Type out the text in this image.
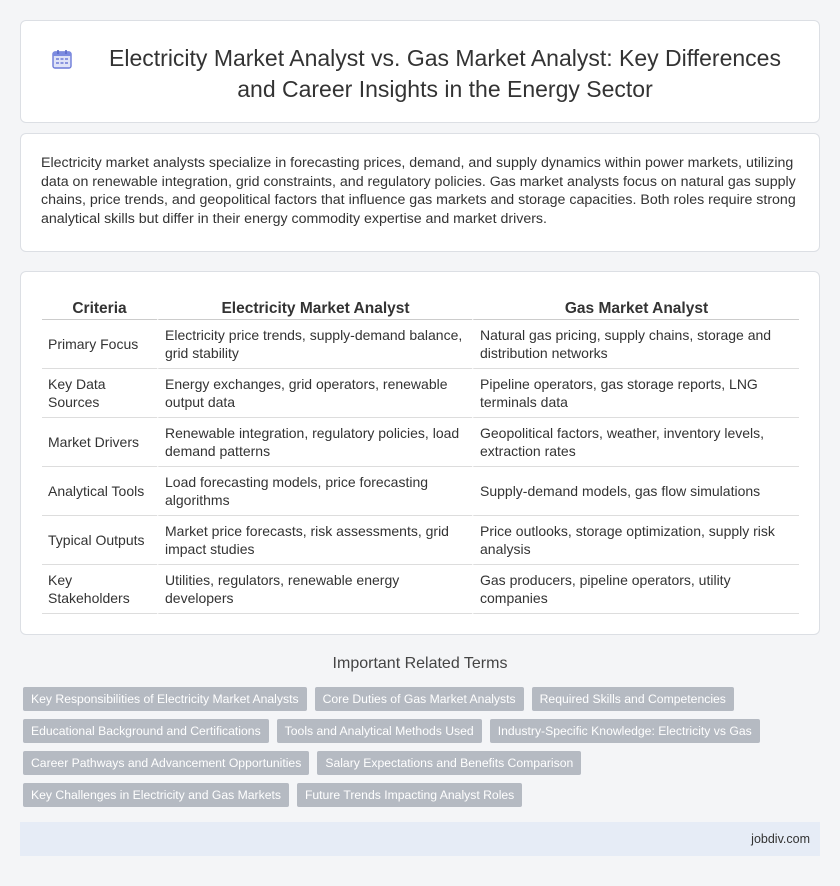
Electricity Market Analyst vs. Gas Market Analyst: Key Differences and Career Insights in the Energy Sector

Electricity market analysts specialize in forecasting prices, demand, and supply dynamics within power markets, utilizing data on renewable integration, grid constraints, and regulatory policies. Gas market analysts focus on natural gas supply chains, price trends, and geopolitical factors that influence gas markets and storage capacities. Both roles require strong analytical skills but differ in their energy commodity expertise and market drivers.

Criteria	Electricity Market Analyst	Gas Market Analyst
Primary Focus	Electricity price trends, supply-demand balance, grid stability	Natural gas pricing, supply chains, storage and distribution networks
Key Data Sources	Energy exchanges, grid operators, renewable output data	Pipeline operators, gas storage reports, LNG terminals data
Market Drivers	Renewable integration, regulatory policies, load demand patterns	Geopolitical factors, weather, inventory levels, extraction rates
Analytical Tools	Load forecasting models, price forecasting algorithms	Supply-demand models, gas flow simulations
Typical Outputs	Market price forecasts, risk assessments, grid impact studies	Price outlooks, storage optimization, supply risk analysis
Key Stakeholders	Utilities, regulators, renewable energy developers	Gas producers, pipeline operators, utility companies
Important Related Terms
Key Responsibilities of Electricity Market Analysts	Core Duties of Gas Market Analysts	Required Skills and Competencies
Educational Background and Certifications	Tools and Analytical Methods Used	Industry-Specific Knowledge: Electricity vs Gas
Career Pathways and Advancement Opportunities	Salary Expectations and Benefits Comparison
Key Challenges in Electricity and Gas Markets	Future Trends Impacting Analyst Roles
jobdiv.com
